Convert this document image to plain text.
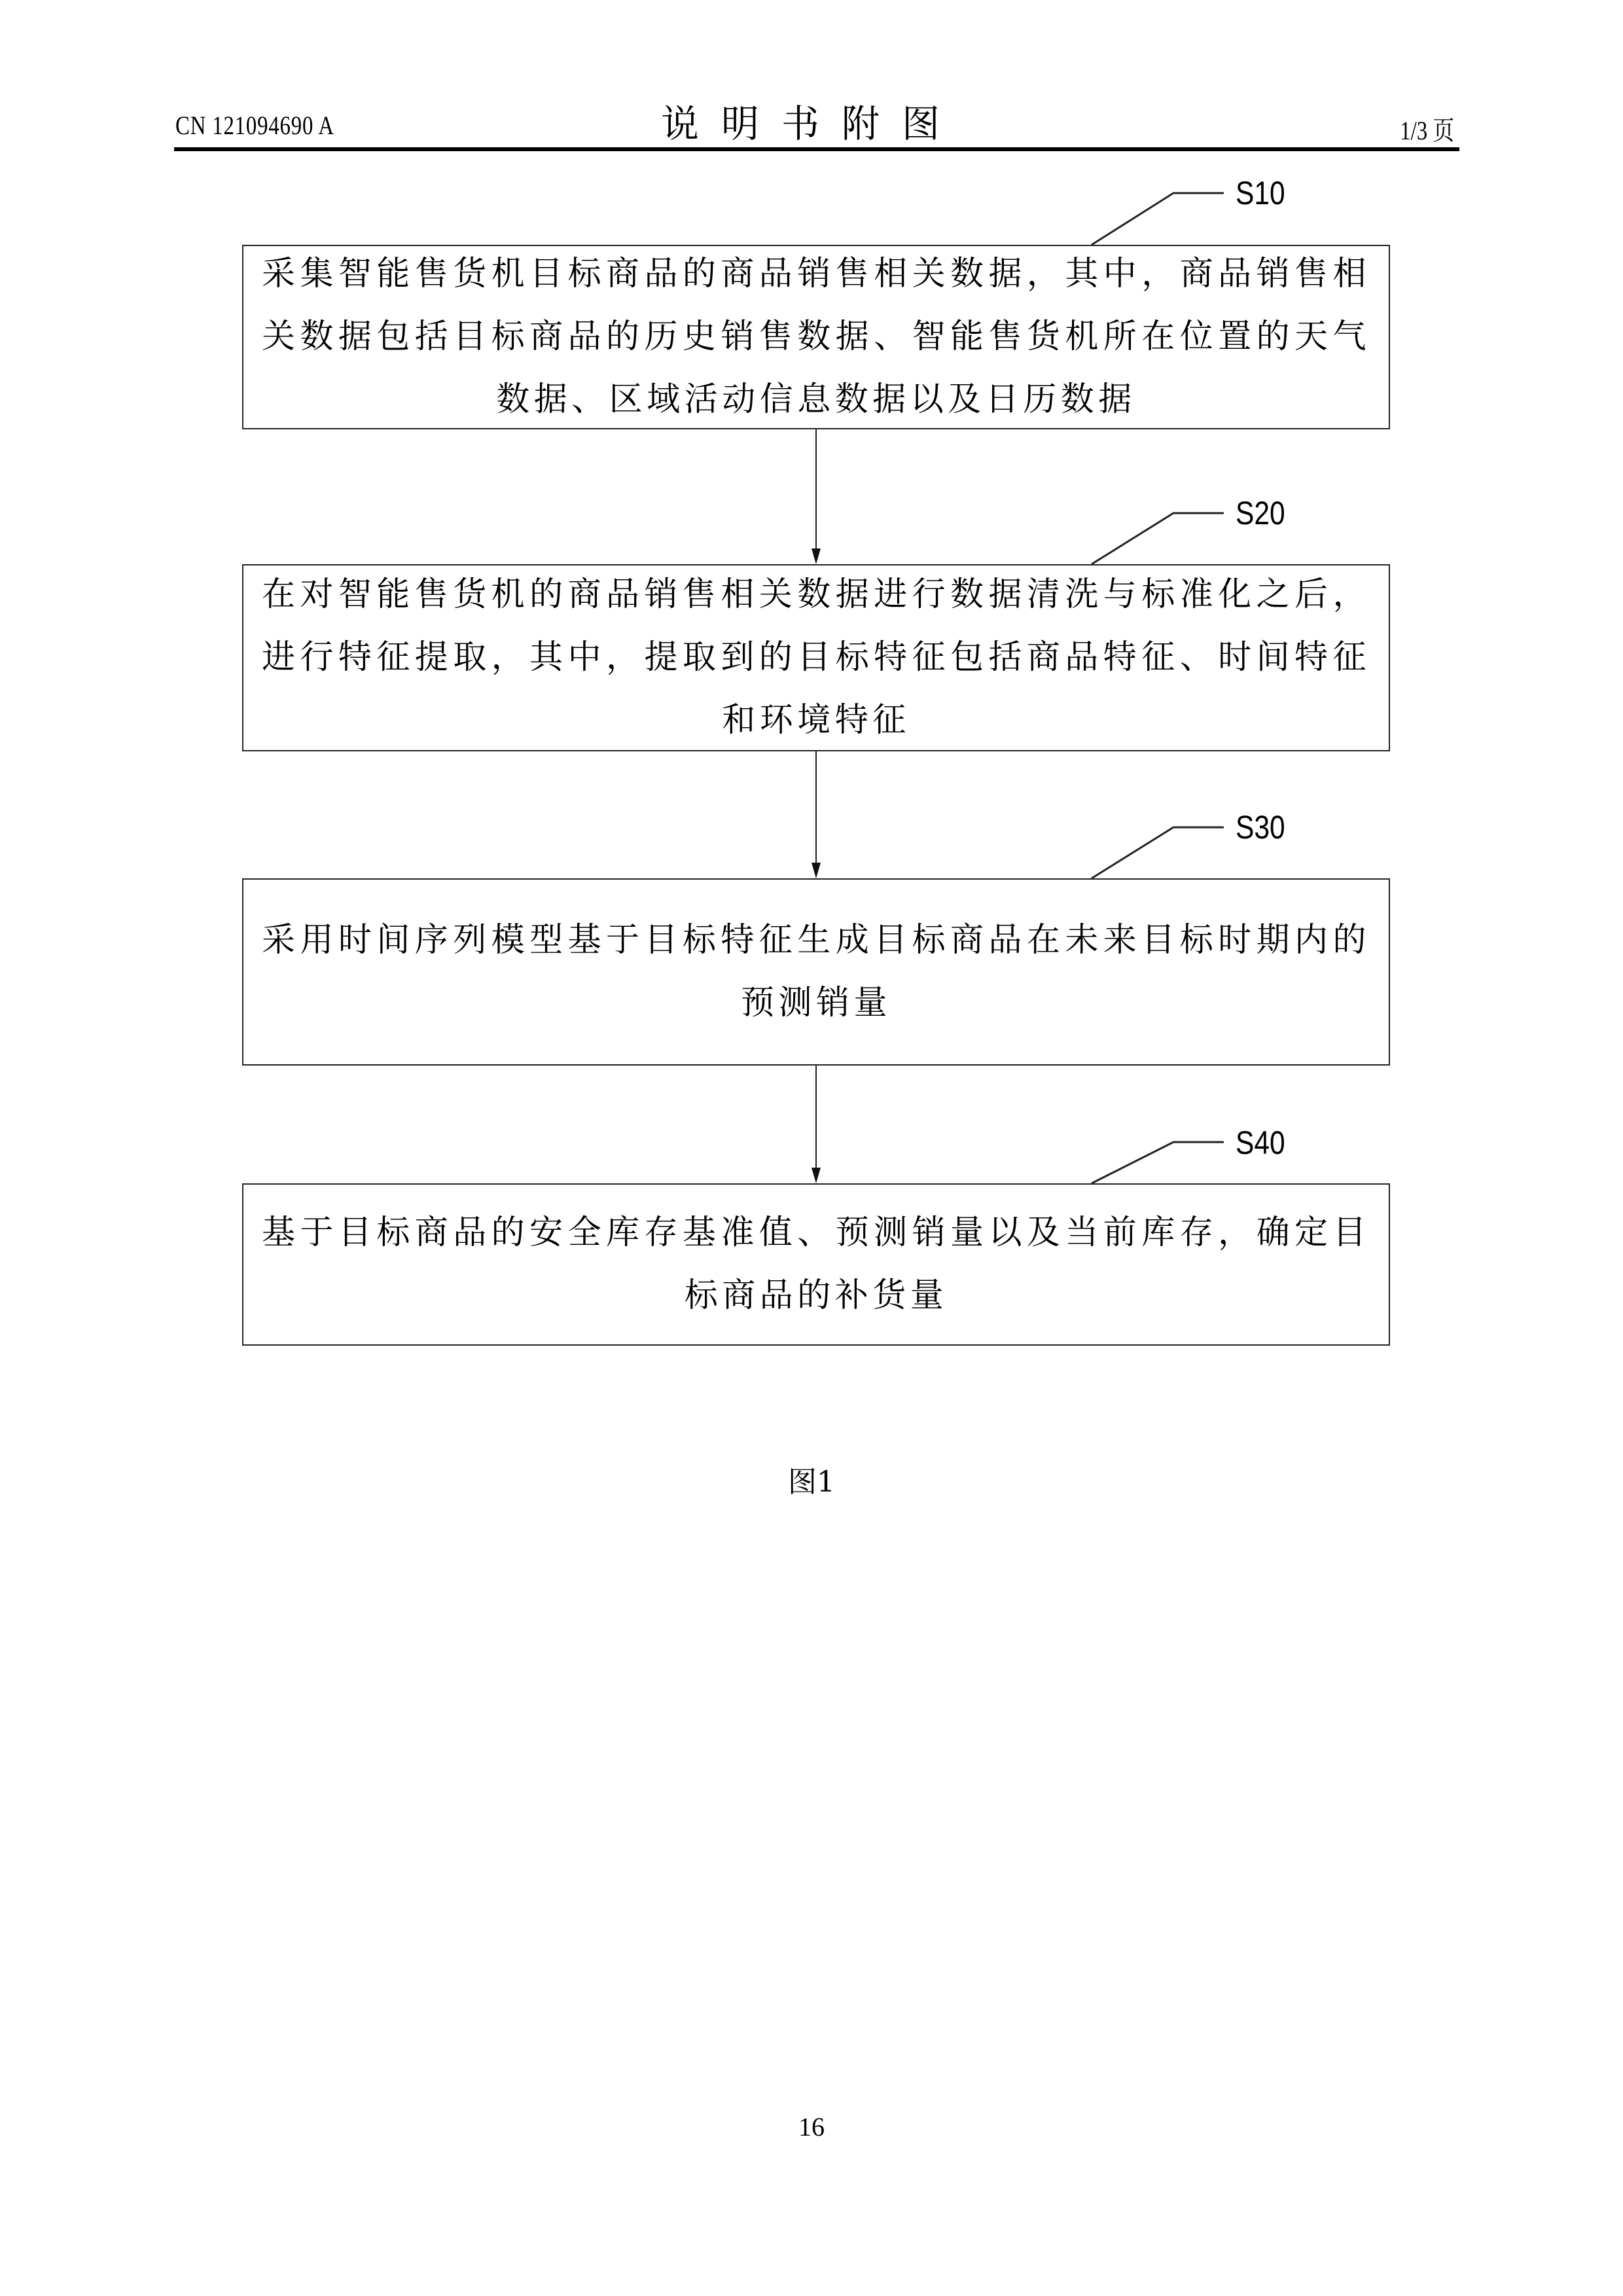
CN 121094690 A	说明书附图	1/3 页
采集智能售货机目标商品的商品销售相关数据，其中，商品销售相关数据包括目标商品的历史销售数据、智能售货机所在位置的天气数据、区域活动信息数据以及日历数据
在对智能售货机的商品销售相关数据进行数据清洗与标准化之后，进行特征提取，其中，提取到的目标特征包括商品特征、时间特征和环境特征
采用时间序列模型基于目标特征生成目标商品在未来目标时期内的预测销量
基于目标商品的安全库存基准值、预测销量以及当前库存，确定目标商品的补货量
S10
S20
S30
S40
图1
16
